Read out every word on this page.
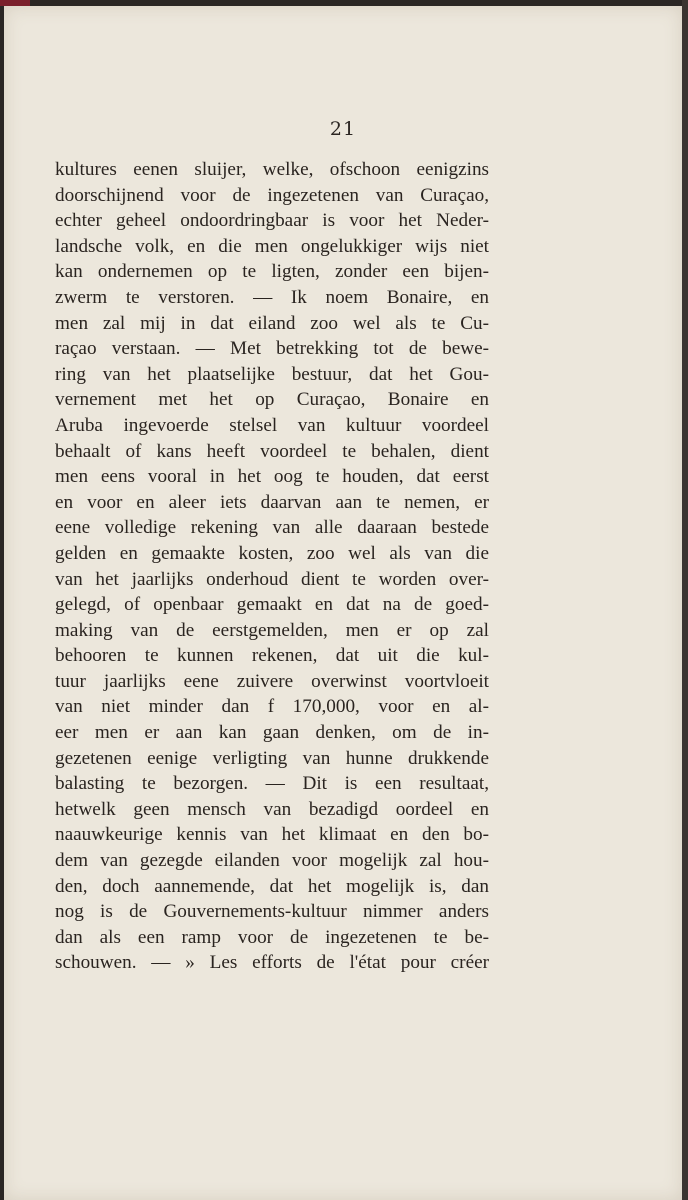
21
kultures eenen sluijer, welke, ofschoon eenigzins
doorschijnend voor de ingezetenen van Curaçao,
echter geheel ondoordringbaar is voor het Neder-
landsche volk, en die men ongelukkiger wijs niet
kan ondernemen op te ligten, zonder een bijen-
zwerm te verstoren. — Ik noem Bonaire, en
men zal mij in dat eiland zoo wel als te Cu-
raçao verstaan. — Met betrekking tot de bewe-
ring van het plaatselijke bestuur, dat het Gou-
vernement met het op Curaçao, Bonaire en
Aruba ingevoerde stelsel van kultuur voordeel
behaalt of kans heeft voordeel te behalen, dient
men eens vooral in het oog te houden, dat eerst
en voor en aleer iets daarvan aan te nemen, er
eene volledige rekening van alle daaraan bestede
gelden en gemaakte kosten, zoo wel als van die
van het jaarlijks onderhoud dient te worden over-
gelegd, of openbaar gemaakt en dat na de goed-
making van de eerstgemelden, men er op zal
behooren te kunnen rekenen, dat uit die kul-
tuur jaarlijks eene zuivere overwinst voortvloeit
van niet minder dan f 170,000, voor en al-
eer men er aan kan gaan denken, om de in-
gezetenen eenige verligting van hunne drukkende
balasting te bezorgen. — Dit is een resultaat,
hetwelk geen mensch van bezadigd oordeel en
naauwkeurige kennis van het klimaat en den bo-
dem van gezegde eilanden voor mogelijk zal hou-
den, doch aannemende, dat het mogelijk is, dan
nog is de Gouvernements-kultuur nimmer anders
dan als een ramp voor de ingezetenen te be-
schouwen. — » Les efforts de l'état pour créer
